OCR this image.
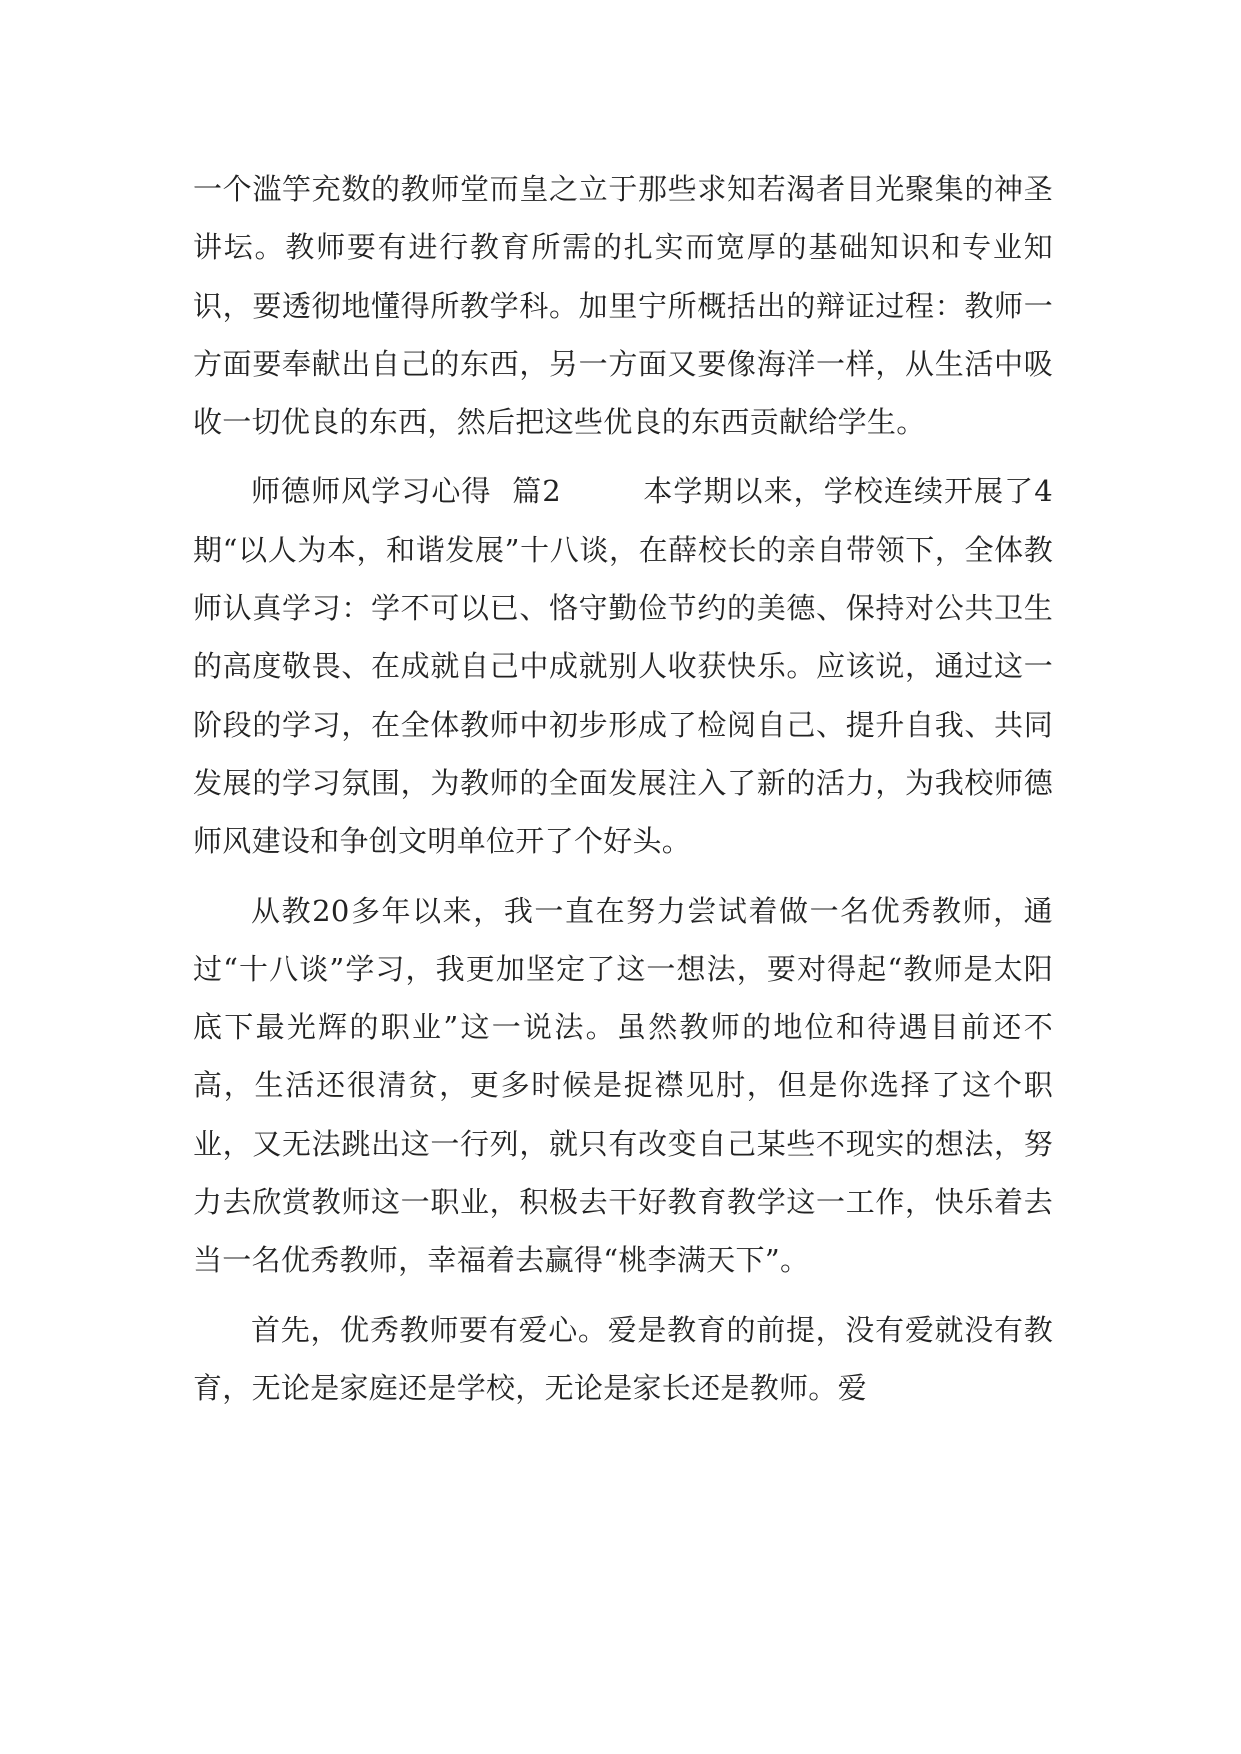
一个滥竽充数的教师堂而皇之立于那些求知若渴者目光聚集的神圣讲坛。教师要有进行教育所需的扎实而宽厚的基础知识和专业知识，要透彻地懂得所教学科。加里宁所概括出的辩证过程：教师一方面要奉献出自己的东西，另一方面又要像海洋一样，从生活中吸收一切优良的东西，然后把这些优良的东西贡献给学生。

师德师风学习心得  篇2	本学期以来，学校连续开展了4期“以人为本，和谐发展”十八谈，在薛校长的亲自带领下，全体教师认真学习：学不可以已、恪守勤俭节约的美德、保持对公共卫生的高度敬畏、在成就自己中成就别人收获快乐。应该说，通过这一阶段的学习，在全体教师中初步形成了检阅自己、提升自我、共同发展的学习氛围，为教师的全面发展注入了新的活力，为我校师德师风建设和争创文明单位开了个好头。

从教20多年以来，我一直在努力尝试着做一名优秀教师，通过“十八谈”学习，我更加坚定了这一想法，要对得起“教师是太阳底下最光辉的职业”这一说法。虽然教师的地位和待遇目前还不高，生活还很清贫，更多时候是捉襟见肘，但是你选择了这个职业，又无法跳出这一行列，就只有改变自己某些不现实的想法，努力去欣赏教师这一职业，积极去干好教育教学这一工作，快乐着去当一名优秀教师，幸福着去赢得“桃李满天下”。

首先，优秀教师要有爱心。爱是教育的前提，没有爱就没有教育，无论是家庭还是学校，无论是家长还是教师。爱
